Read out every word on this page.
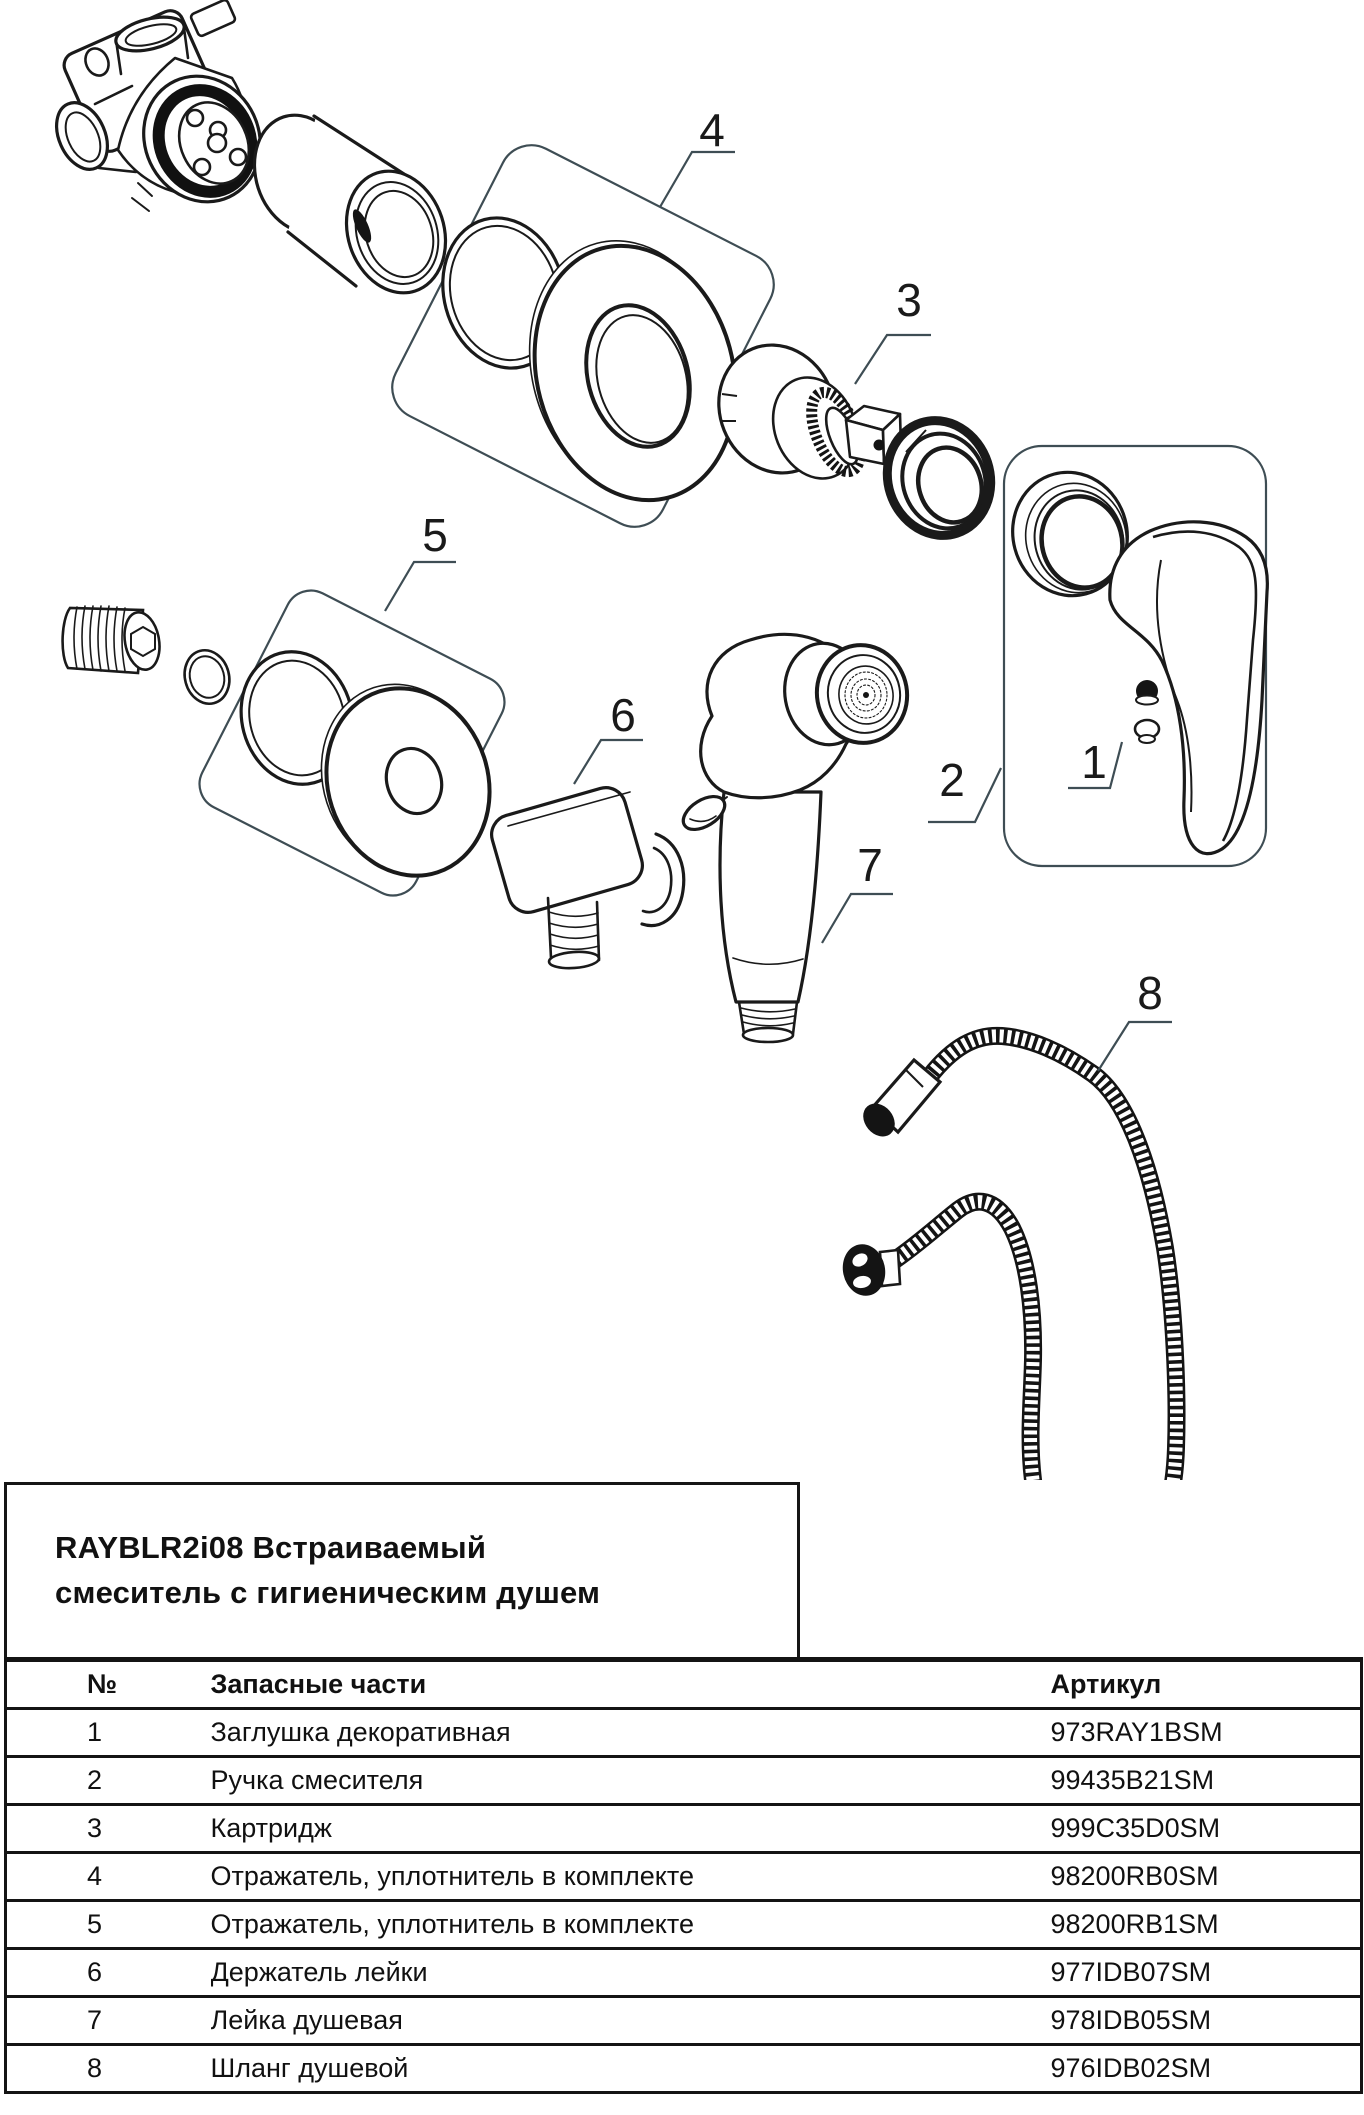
4
3
2	1
5
6
7
8
RAYBLR2i08 Встраиваемый
смеситель с гигиеническим душем
№	Запасные части	Артикул
1	Заглушка декоративная	973RAY1BSM
2	Ручка смесителя	99435B21SM
3	Картридж	999C35D0SM
4	Отражатель, уплотнитель в комплекте	98200RB0SM
5	Отражатель, уплотнитель в комплекте	98200RB1SM
6	Держатель лейки	977IDB07SM
7	Лейка душевая	978IDB05SM
8	Шланг душевой	976IDB02SM
